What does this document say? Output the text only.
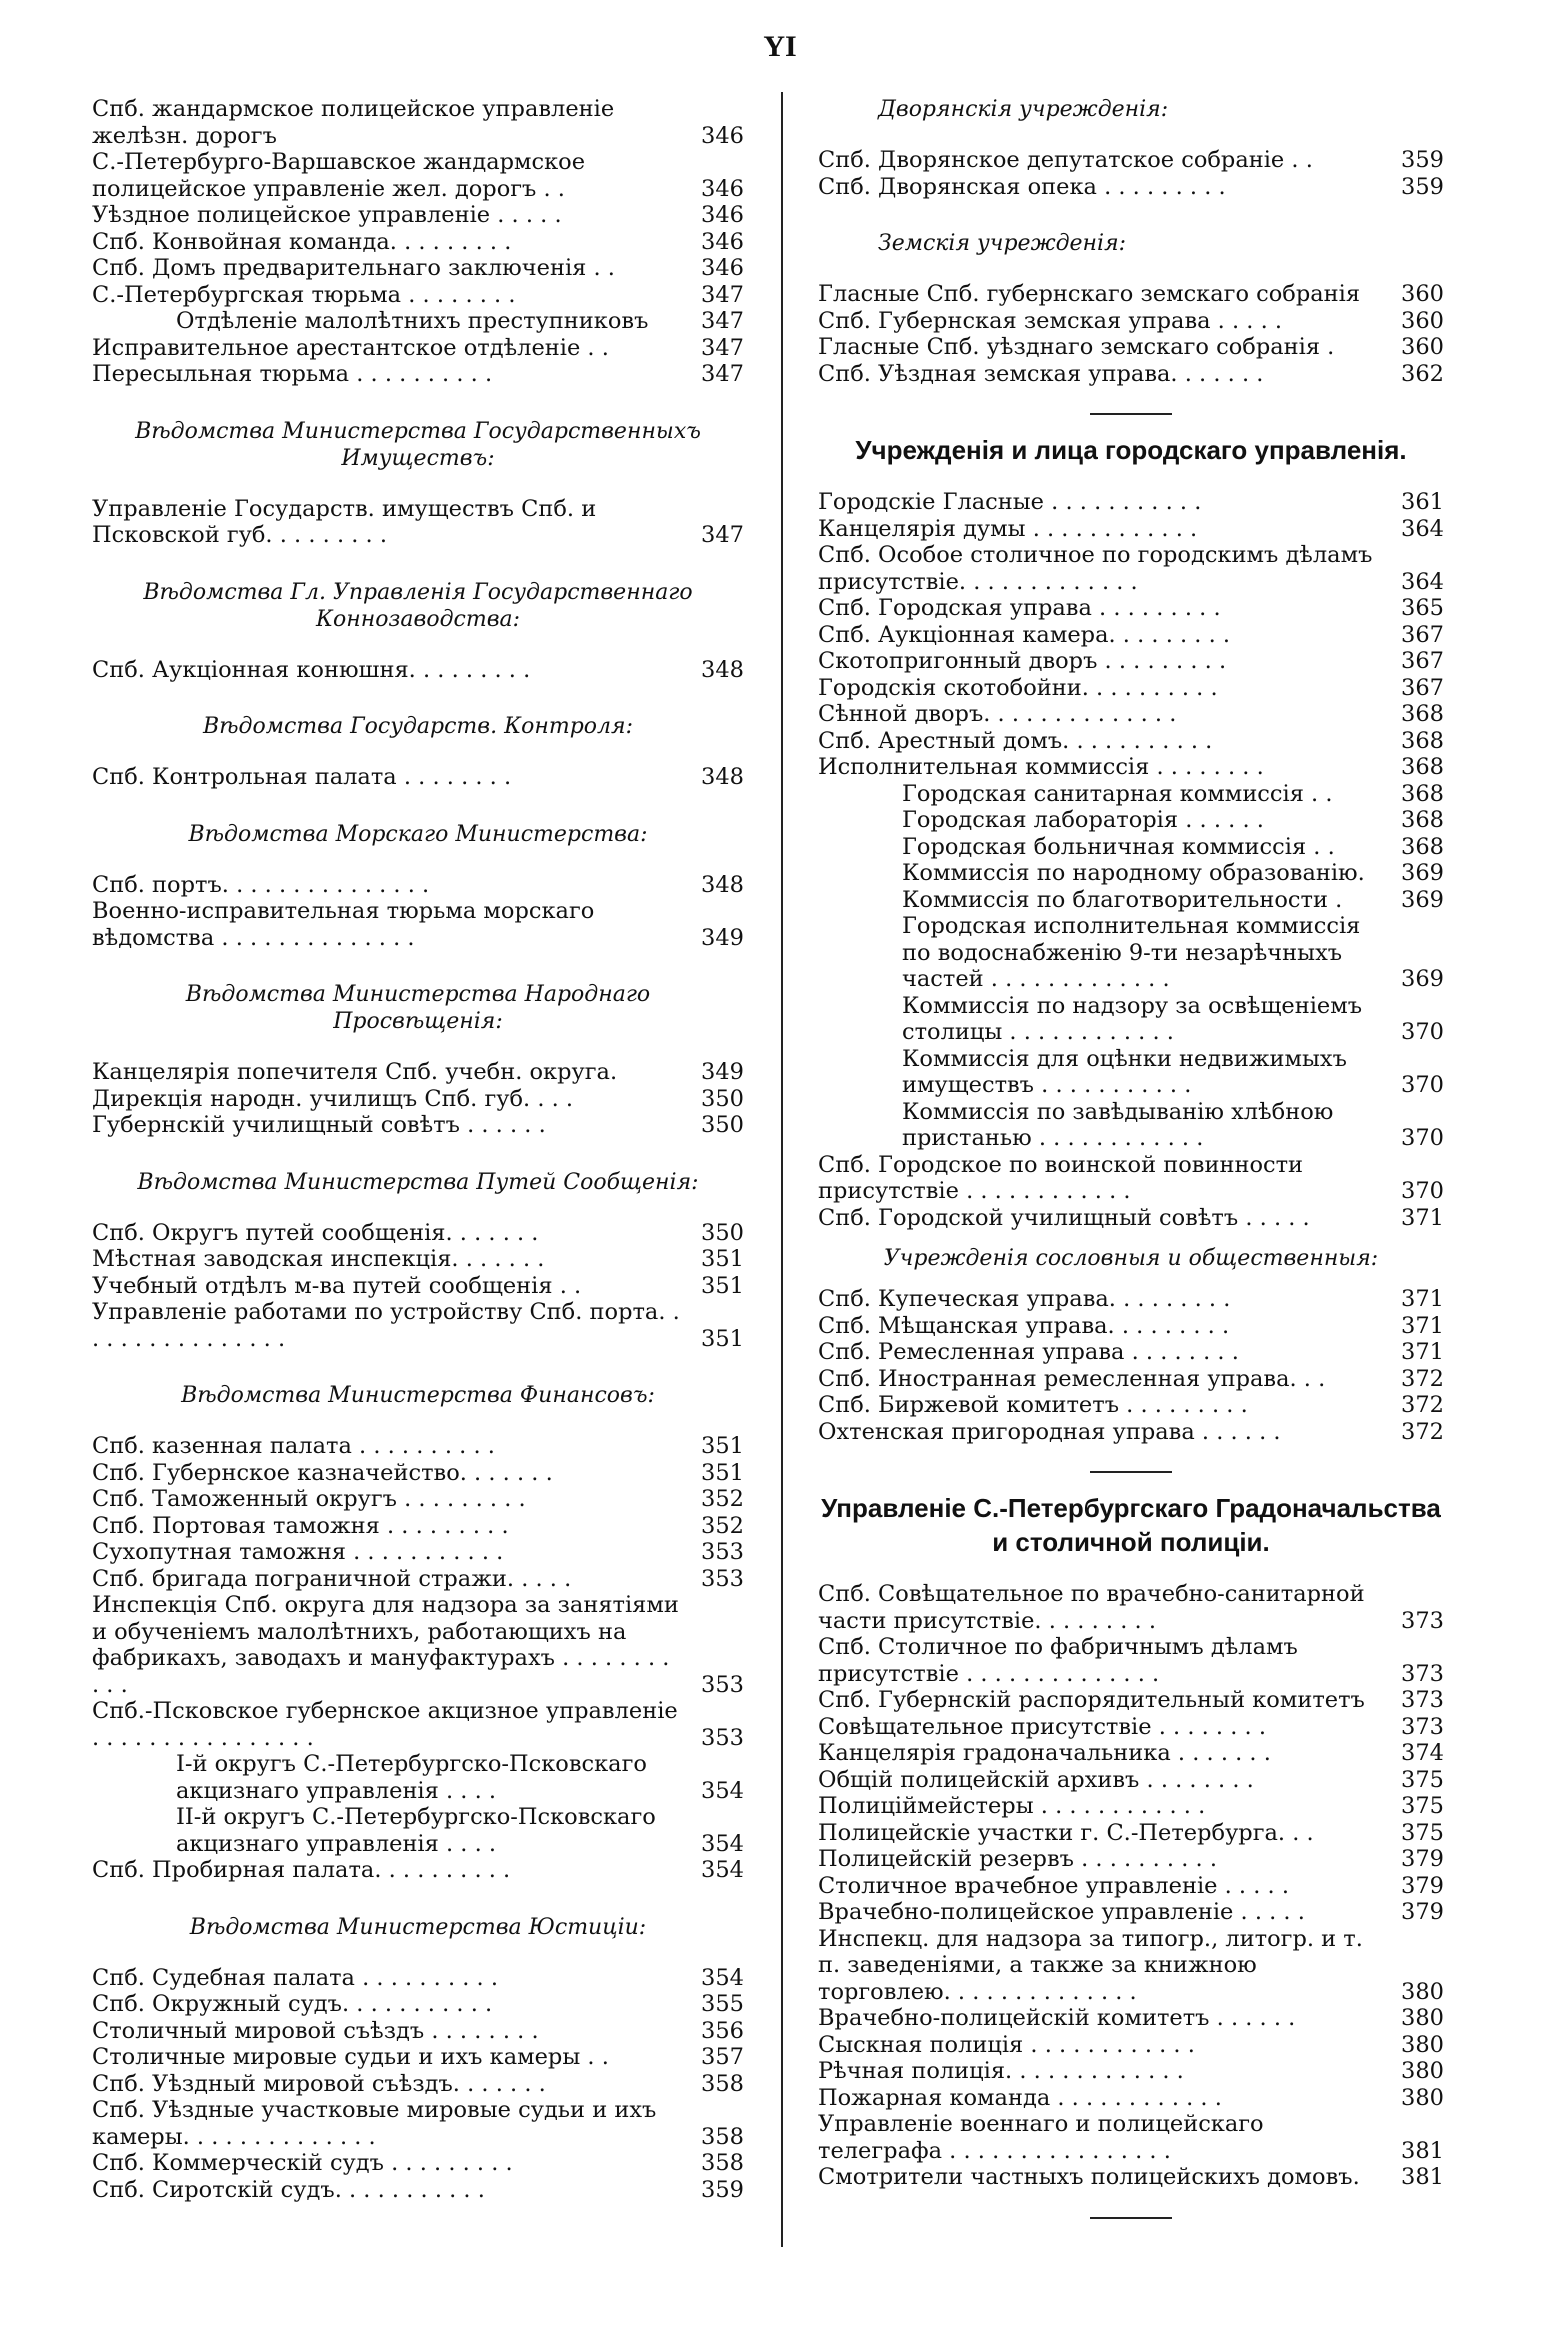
YI
Спб. жандармское полицейское управленіе желѣзн. дорогъ	346
С.-Петербурго-Варшавское жандармское полицейское управленіе жел. дорогъ . .	346
Уѣздное полицейское управленіе . . . . .	346
Спб. Конвойная команда. . . . . . . . .	346
Спб. Домъ предварительнаго заключенія . .	346
С.-Петербургская тюрьма . . . . . . . .	347
Отдѣленіе малолѣтнихъ преступниковъ	347
Исправительное арестантское отдѣленіе . .	347
Пересыльная тюрьма . . . . . . . . . .	347
Вѣдомства Министерства Государственныхъ Имуществъ:
Управленіе Государств. имуществъ Спб. и Псковской губ. . . . . . . . .	347
Вѣдомства Гл. Управленія Государственнаго Коннозаводства:
Спб. Аукціонная конюшня. . . . . . . . .	348
Вѣдомства Государств. Контроля:
Спб. Контрольная палата . . . . . . . .	348
Вѣдомства Морскаго Министерства:
Спб. портъ. . . . . . . . . . . . . . .	348
Военно-исправительная тюрьма морскаго вѣдомства . . . . . . . . . . . . . .	349
Вѣдомства Министерства Народнаго Просвѣщенія:
Канцелярія попечителя Спб. учебн. округа.	349
Дирекція народн. училищъ Спб. губ. . . .	350
Губернскій училищный совѣтъ . . . . . .	350
Вѣдомства Министерства Путей Сообщенія:
Спб. Округъ путей сообщенія. . . . . . .	350
Мѣстная заводская инспекція. . . . . . .	351
Учебный отдѣлъ м-ва путей сообщенія . .	351
Управленіе работами по устройству Спб. порта. . . . . . . . . . . . . . . .	351
Вѣдомства Министерства Финансовъ:
Спб. казенная палата . . . . . . . . . .	351
Спб. Губернское казначейство. . . . . . .	351
Спб. Таможенный округъ . . . . . . . . .	352
Спб. Портовая таможня . . . . . . . . .	352
Сухопутная таможня . . . . . . . . . . .	353
Спб. бригада пограничной стражи. . . . .	353
Инспекція Спб. округа для надзора за занятіями и обученіемъ малолѣтнихъ, работающихъ на фабрикахъ, заводахъ и мануфактурахъ . . . . . . . . . . .	353
Спб.-Псковское губернское акцизное управленіе . . . . . . . . . . . . . . . .	353
I-й округъ С.-Петербургско-Псковскаго акцизнаго управленія . . . .	354
II-й округъ С.-Петербургско-Псковскаго акцизнаго управленія . . . .	354
Спб. Пробирная палата. . . . . . . . . .	354
Вѣдомства Министерства Юстиціи:
Спб. Судебная палата . . . . . . . . . .	354
Спб. Окружный судъ. . . . . . . . . . .	355
Столичный мировой съѣздъ . . . . . . . .	356
Столичные мировые судьи и ихъ камеры . .	357
Спб. Уѣздный мировой съѣздъ. . . . . . .	358
Спб. Уѣздные участковые мировые судьи и ихъ камеры. . . . . . . . . . . . . .	358
Спб. Коммерческій судъ . . . . . . . . .	358
Спб. Сиротскій судъ. . . . . . . . . . .	359
Дворянскія учрежденія:
Спб. Дворянское депутатское собраніе . .	359
Спб. Дворянская опека . . . . . . . . .	359
Земскія учрежденія:
Гласные Спб. губернскаго земскаго собранія	360
Спб. Губернская земская управа . . . . .	360
Гласные Спб. уѣзднаго земскаго собранія .	360
Спб. Уѣздная земская управа. . . . . . .	362
Учрежденія и лица городскаго управленія.
Городскіе Гласные . . . . . . . . . . .	361
Канцелярія думы . . . . . . . . . . . .	364
Спб. Особое столичное по городскимъ дѣламъ присутствіе. . . . . . . . . . . . .	364
Спб. Городская управа . . . . . . . . .	365
Спб. Аукціонная камера. . . . . . . . .	367
Скотопригонный дворъ . . . . . . . . .	367
Городскія скотобойни. . . . . . . . . .	367
Сѣнной дворъ. . . . . . . . . . . . . .	368
Спб. Арестный домъ. . . . . . . . . . .	368
Исполнительная коммиссія . . . . . . . .	368
Городская санитарная коммиссія . .	368
Городская лабораторія . . . . . .	368
Городская больничная коммиссія . .	368
Коммиссія по народному образованію.	369
Коммиссія по благотворительности .	369
Городская исполнительная коммиссія по водоснабженію 9-ти незарѣчныхъ частей . . . . . . . . . . . . .	369
Коммиссія по надзору за освѣщеніемъ столицы . . . . . . . . . . . .	370
Коммиссія для оцѣнки недвижимыхъ имуществъ . . . . . . . . . . .	370
Коммиссія по завѣдыванію хлѣбною пристанью . . . . . . . . . . . .	370
Спб. Городское по воинской повинности присутствіе . . . . . . . . . . . .	370
Спб. Городской училищный совѣтъ . . . . .	371
Учрежденія сословныя и общественныя:
Спб. Купеческая управа. . . . . . . . .	371
Спб. Мѣщанская управа. . . . . . . . .	371
Спб. Ремесленная управа . . . . . . . .	371
Спб. Иностранная ремесленная управа. . .	372
Спб. Биржевой комитетъ . . . . . . . . .	372
Охтенская пригородная управа . . . . . .	372
Управленіе С.-Петербургскаго Градоначальства и столичной полиціи.
Спб. Совѣщательное по врачебно-санитарной части присутствіе. . . . . . . . .	373
Спб. Столичное по фабричнымъ дѣламъ присутствіе . . . . . . . . . . . . . .	373
Спб. Губернскій распорядительный комитетъ	373
Совѣщательное присутствіе . . . . . . . .	373
Канцелярія градоначальника . . . . . . .	374
Общій полицейскій архивъ . . . . . . . .	375
Полицiймейстеры . . . . . . . . . . . .	375
Полицейскіе участки г. С.-Петербурга. . .	375
Полицейскій резервъ . . . . . . . . . .	379
Столичное врачебное управленіе . . . . .	379
Врачебно-полицейское управленіе . . . . .	379
Инспекц. для надзора за типогр., литогр. и т. п. заведеніями, а также за книжною торговлею. . . . . . . . . . . . . .	380
Врачебно-полицейскій комитетъ . . . . . .	380
Сыскная полиція . . . . . . . . . . . .	380
Рѣчная полиція. . . . . . . . . . . . .	380
Пожарная команда . . . . . . . . . . . .	380
Управленіе военнаго и полицейскаго телеграфа . . . . . . . . . . . . . . . .	381
Смотрители частныхъ полицейскихъ домовъ.	381
